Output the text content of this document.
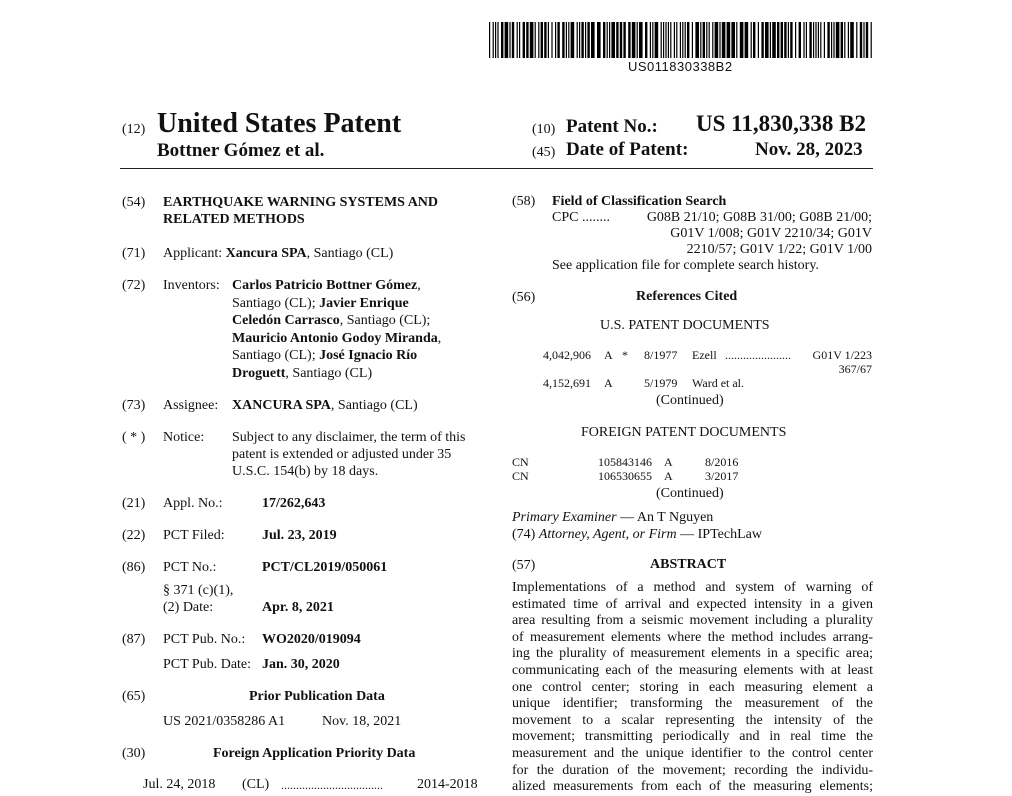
US011830338B2
(12) United States Patent
Bottner Gómez et al.
(10) Patent No.: US 11,830,338 B2
(45) Date of Patent:	Nov. 28, 2023
(54) EARTHQUAKE WARNING SYSTEMS AND
RELATED METHODS
(71) Applicant: Xancura SPA, Santiago (CL)
(72) Inventors: Carlos Patricio Bottner Gómez,
Santiago (CL); Javier Enrique
Celedón Carrasco, Santiago (CL);
Mauricio Antonio Godoy Miranda,
Santiago (CL); José Ignacio Río
Droguett, Santiago (CL)
(73) Assignee: XANCURA SPA, Santiago (CL)
( * ) Notice: Subject to any disclaimer, the term of this
patent is extended or adjusted under 35
U.S.C. 154(b) by 18 days.
(21) Appl. No.:	17/262,643
(22) PCT Filed:	Jul. 23, 2019
(86) PCT No.:	PCT/CL2019/050061
§ 371 (c)(1),
(2) Date:	Apr. 8, 2021
(87) PCT Pub. No.: WO2020/019094
PCT Pub. Date: Jan. 30, 2020
(65)	Prior Publication Data
US 2021/0358286 A1	Nov. 18, 2021
(30)	Foreign Application Priority Data
Jul. 24, 2018 (CL) .................................. 2014-2018
(58) Field of Classification Search
CPC ........	G08B 21/10; G08B 31/00; G08B 21/00;
G01V 1/008; G01V 2210/34; G01V
2210/57; G01V 1/22; G01V 1/00
See application file for complete search history.
(56)	References Cited
U.S. PATENT DOCUMENTS
4,042,906 A * 8/1977 Ezell ...................... G01V 1/223
367/67
4,152,691 A	5/1979 Ward et al.
(Continued)
FOREIGN PATENT DOCUMENTS
CN	105843146 A	8/2016
CN	106530655 A	3/2017
(Continued)
Primary Examiner — An T Nguyen
(74) Attorney, Agent, or Firm — IPTechLaw
(57)	ABSTRACT
Implementations of a method and system of warning of
estimated time of arrival and expected intensity in a given
area resulting from a seismic movement including a plurality
of measurement elements where the method includes arrang-
ing the plurality of measurement elements in a specific area;
communicating each of the measuring elements with at least
one control center; storing in each measuring element a
unique identifier; transforming the measurement of the
movement to a scalar representing the intensity of the
movement; transmitting periodically and in real time the
measurement and the unique identifier to the control center
for the duration of the movement; recording the individu-
alized measurements from each of the measuring elements;
